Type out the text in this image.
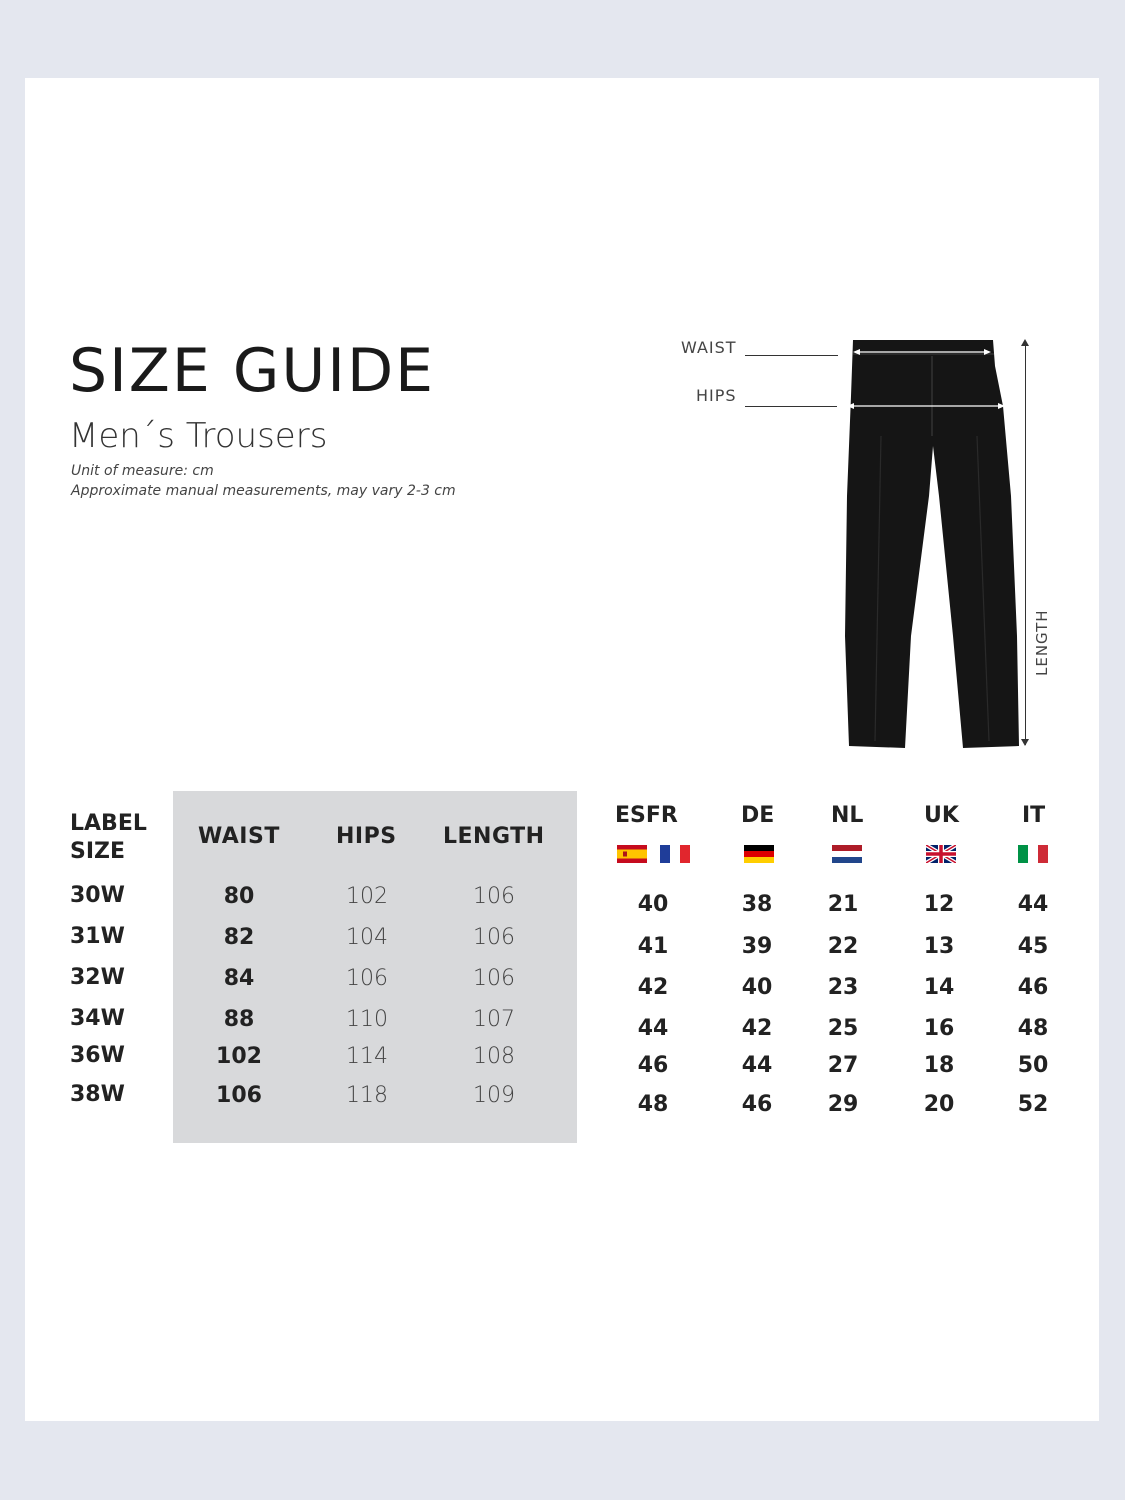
SIZE GUIDE
Men´s Trousers
Unit of measure: cm
Approximate manual measurements, may vary 2-3 cm
WAIST
HIPS
LENGTH
LABEL SIZE
WAIST	HIPS LENGTH
30W	80	102	106
31W	82	104	106
32W	84	106	106
34W	88	110	107
36W	102	114	108
38W	106	118	109
ESFR	DE	NL	UK	IT
40	38	21	12	44
41	39	22	13	45
42	40	23	14	46
44	42	25	16	48
46	44	27	18	50
48	46	29	20	52
